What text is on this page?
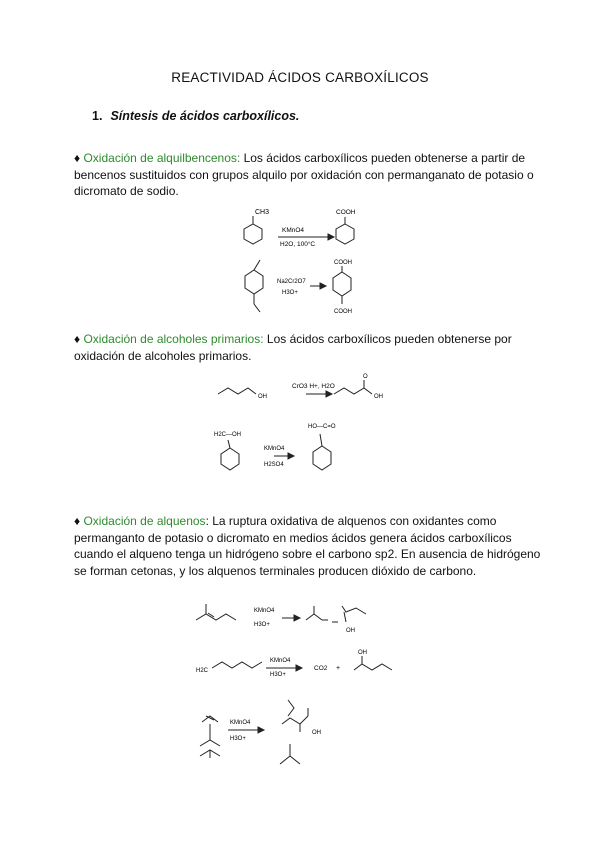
REACTIVIDAD ÁCIDOS CARBOXÍLICOS
1. Síntesis de ácidos carboxílicos.
♦ Oxidación de alquilbencenos: Los ácidos carboxílicos pueden obtenerse a partir de bencenos sustituidos con grupos alquilo por oxidación con permanganato de potasio o dicromato de sodio.
CH3
KMnO4
H2O, 100°C
COOH
Na2Cr2O7
H3O+
COOH
COOH
♦ Oxidación de alcoholes primarios: Los ácidos carboxílicos pueden obtenerse por oxidación de alcoholes primarios.
OH
CrO3 H+, H2O
O
OH
H2C—OH
KMnO4
H2SO4
HO—C=O
♦ Oxidación de alquenos: La ruptura oxidativa de alquenos con oxidantes como permanganto de potasio o dicromato en medios ácidos genera ácidos carboxílicos cuando el alqueno tenga un hidrógeno sobre el carbono sp2. En ausencia de hidrógeno se forman cetonas, y los alquenos terminales producen dióxido de carbono.
KMnO4
H3O+
OH
H2C
KMnO4
H3O+
CO2 +
OH
KMnO4
H3O+
OH
